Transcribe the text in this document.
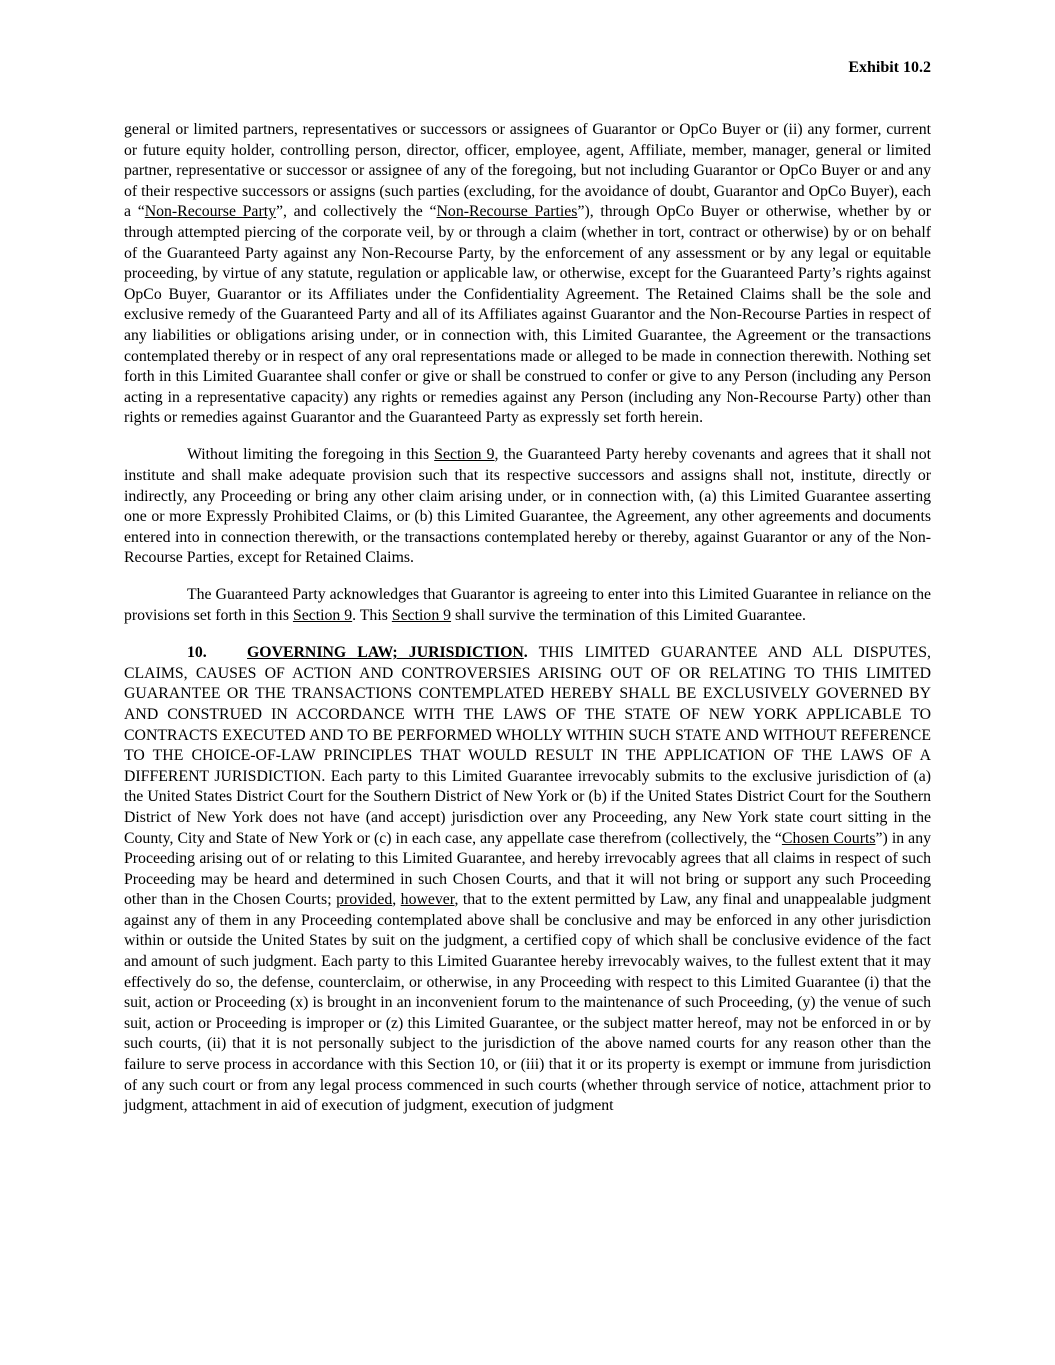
Exhibit 10.2

general or limited partners, representatives or successors or assignees of Guarantor or OpCo Buyer or (ii) any former, current or future equity holder, controlling person, director, officer, employee, agent, Affiliate, member, manager, general or limited partner, representative or successor or assignee of any of the foregoing, but not including Guarantor or OpCo Buyer or and any of their respective successors or assigns (such parties (excluding, for the avoidance of doubt, Guarantor and OpCo Buyer), each a “Non-Recourse Party”, and collectively the “Non-Recourse Parties”), through OpCo Buyer or otherwise, whether by or through attempted piercing of the corporate veil, by or through a claim (whether in tort, contract or otherwise) by or on behalf of the Guaranteed Party against any Non-Recourse Party, by the enforcement of any assessment or by any legal or equitable proceeding, by virtue of any statute, regulation or applicable law, or otherwise, except for the Guaranteed Party’s rights against OpCo Buyer, Guarantor or its Affiliates under the Confidentiality Agreement. The Retained Claims shall be the sole and exclusive remedy of the Guaranteed Party and all of its Affiliates against Guarantor and the Non-Recourse Parties in respect of any liabilities or obligations arising under, or in connection with, this Limited Guarantee, the Agreement or the transactions contemplated thereby or in respect of any oral representations made or alleged to be made in connection therewith. Nothing set forth in this Limited Guarantee shall confer or give or shall be construed to confer or give to any Person (including any Person acting in a representative capacity) any rights or remedies against any Person (including any Non-Recourse Party) other than rights or remedies against Guarantor and the Guaranteed Party as expressly set forth herein.

Without limiting the foregoing in this Section 9, the Guaranteed Party hereby covenants and agrees that it shall not institute and shall make adequate provision such that its respective successors and assigns shall not, institute, directly or indirectly, any Proceeding or bring any other claim arising under, or in connection with, (a) this Limited Guarantee asserting one or more Expressly Prohibited Claims, or (b) this Limited Guarantee, the Agreement, any other agreements and documents entered into in connection therewith, or the transactions contemplated hereby or thereby, against Guarantor or any of the Non-Recourse Parties, except for Retained Claims.

The Guaranteed Party acknowledges that Guarantor is agreeing to enter into this Limited Guarantee in reliance on the provisions set forth in this Section 9. This Section 9 shall survive the termination of this Limited Guarantee.

10.	GOVERNING LAW; JURISDICTION. THIS LIMITED GUARANTEE AND ALL DISPUTES, CLAIMS, CAUSES OF ACTION AND CONTROVERSIES ARISING OUT OF OR RELATING TO THIS LIMITED GUARANTEE OR THE TRANSACTIONS CONTEMPLATED HEREBY SHALL BE EXCLUSIVELY GOVERNED BY AND CONSTRUED IN ACCORDANCE WITH THE LAWS OF THE STATE OF NEW YORK APPLICABLE TO CONTRACTS EXECUTED AND TO BE PERFORMED WHOLLY WITHIN SUCH STATE AND WITHOUT REFERENCE TO THE CHOICE-OF-LAW PRINCIPLES THAT WOULD RESULT IN THE APPLICATION OF THE LAWS OF A DIFFERENT JURISDICTION. Each party to this Limited Guarantee irrevocably submits to the exclusive jurisdiction of (a) the United States District Court for the Southern District of New York or (b) if the United States District Court for the Southern District of New York does not have (and accept) jurisdiction over any Proceeding, any New York state court sitting in the County, City and State of New York or (c) in each case, any appellate case therefrom (collectively, the “Chosen Courts”) in any Proceeding arising out of or relating to this Limited Guarantee, and hereby irrevocably agrees that all claims in respect of such Proceeding may be heard and determined in such Chosen Courts, and that it will not bring or support any such Proceeding other than in the Chosen Courts; provided, however, that to the extent permitted by Law, any final and unappealable judgment against any of them in any Proceeding contemplated above shall be conclusive and may be enforced in any other jurisdiction within or outside the United States by suit on the judgment, a certified copy of which shall be conclusive evidence of the fact and amount of such judgment. Each party to this Limited Guarantee hereby irrevocably waives, to the fullest extent that it may effectively do so, the defense, counterclaim, or otherwise, in any Proceeding with respect to this Limited Guarantee (i) that the suit, action or Proceeding (x) is brought in an inconvenient forum to the maintenance of such Proceeding, (y) the venue of such suit, action or Proceeding is improper or (z) this Limited Guarantee, or the subject matter hereof, may not be enforced in or by such courts, (ii) that it is not personally subject to the jurisdiction of the above named courts for any reason other than the failure to serve process in accordance with this Section 10, or (iii) that it or its property is exempt or immune from jurisdiction of any such court or from any legal process commenced in such courts (whether through service of notice, attachment prior to judgment, attachment in aid of execution of judgment, execution of judgment
